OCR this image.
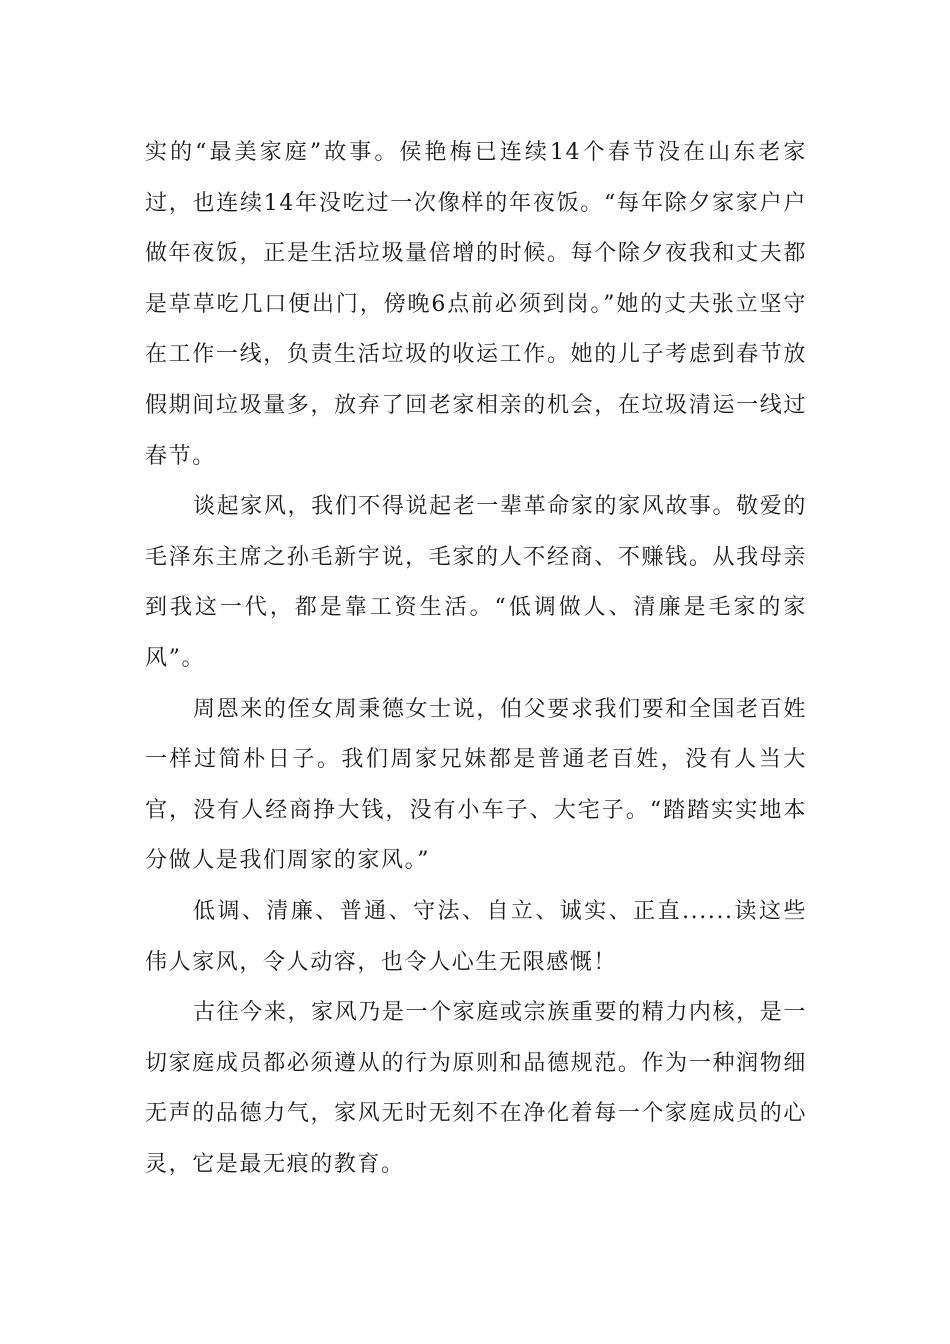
实的“最美家庭”故事。侯艳梅已连续14个春节没在山东老家过，也连续14年没吃过一次像样的年夜饭。“每年除夕家家户户做年夜饭，正是生活垃圾量倍增的时候。每个除夕夜我和丈夫都是草草吃几口便出门，傍晚6点前必须到岗。”她的丈夫张立坚守在工作一线，负责生活垃圾的收运工作。她的儿子考虑到春节放假期间垃圾量多，放弃了回老家相亲的机会，在垃圾清运一线过春节。

谈起家风，我们不得说起老一辈革命家的家风故事。敬爱的毛泽东主席之孙毛新宇说，毛家的人不经商、不赚钱。从我母亲到我这一代，都是靠工资生活。“低调做人、清廉是毛家的家风”。

周恩来的侄女周秉德女士说，伯父要求我们要和全国老百姓一样过简朴日子。我们周家兄妹都是普通老百姓，没有人当大官，没有人经商挣大钱，没有小车子、大宅子。“踏踏实实地本分做人是我们周家的家风。”

低调、清廉、普通、守法、自立、诚实、正直......读这些伟人家风，令人动容，也令人心生无限感慨！

古往今来，家风乃是一个家庭或宗族重要的精力内核，是一切家庭成员都必须遵从的行为原则和品德规范。作为一种润物细无声的品德力气，家风无时无刻不在净化着每一个家庭成员的心灵，它是最无痕的教育。
